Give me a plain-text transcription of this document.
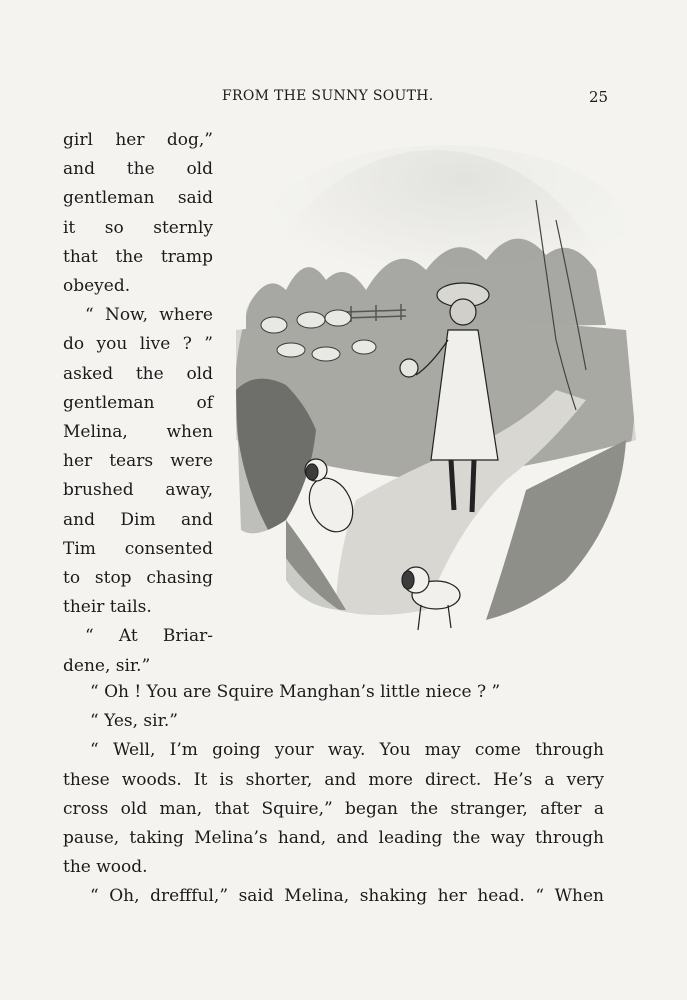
FROM THE SUNNY SOUTH.	25

girl her dog,”

and the old

gentleman said

it so sternly

that the tramp

obeyed.

“ Now, where

do you live ? ”

asked the old

gentleman of

Melina, when

her tears were

brushed away,

and Dim and

Tim consented

to stop chasing

their tails.

“ At Briar-

dene, sir.”

“ Oh ! You are Squire Manghan’s little niece ? ”

“ Yes, sir.”

“ Well, I’m going your way. You may come through

these woods. It is shorter, and more direct. He’s a very

cross old man, that Squire,” began the stranger, after a

pause, taking Melina’s hand, and leading the way through

the wood.

“ Oh, dreffful,” said Melina, shaking her head. “ When
